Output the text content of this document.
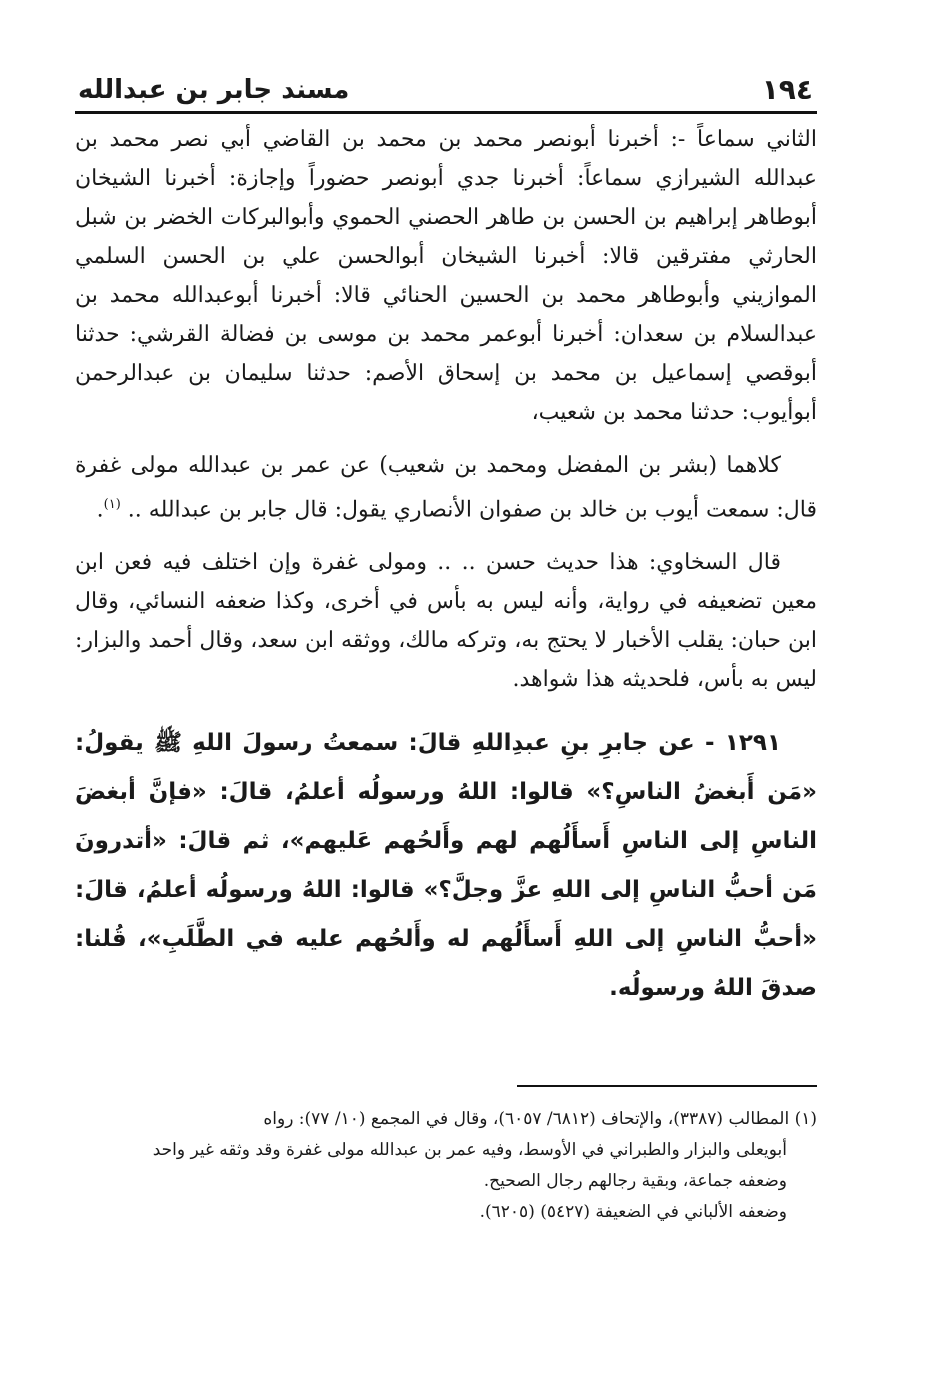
١٩٤
مسند جابر بن عبدالله

الثاني سماعاً -: أخبرنا أبونصر محمد بن محمد بن القاضي أبي نصر محمد بن عبدالله الشيرازي سماعاً: أخبرنا جدي أبونصر حضوراً وإجازة: أخبرنا الشيخان أبوطاهر إبراهيم بن الحسن بن طاهر الحصني الحموي وأبوالبركات الخضر بن شبل الحارثي مفترقين قالا: أخبرنا الشيخان أبوالحسن علي بن الحسن السلمي الموازيني وأبوطاهر محمد بن الحسين الحنائي قالا: أخبرنا أبوعبدالله محمد بن عبدالسلام بن سعدان: أخبرنا أبوعمر محمد بن موسى بن فضالة القرشي: حدثنا أبوقصي إسماعيل بن محمد بن إسحاق الأصم: حدثنا سليمان بن عبدالرحمن أبوأيوب: حدثنا محمد بن شعيب،

كلاهما (بشر بن المفضل ومحمد بن شعيب) عن عمر بن عبدالله مولى غفرة قال: سمعت أيوب بن خالد بن صفوان الأنصاري يقول: قال جابر بن عبدالله .. $^{(١)}$.

قال السخاوي: هذا حديث حسن .. .. ومولى غفرة وإن اختلف فيه فعن ابن معين تضعيفه في رواية، وأنه ليس به بأس في أخرى، وكذا ضعفه النسائي، وقال ابن حبان: يقلب الأخبار لا يحتج به، وتركه مالك، ووثقه ابن سعد، وقال أحمد والبزار: ليس به بأس، فلحديثه هذا شواهد.

١٢٩١ - عن جابرِ بنِ عبدِاللهِ قالَ: سمعتُ رسولَ اللهِ ﷺ يقولُ: «مَن أَبغضُ الناسِ؟» قالوا: اللهُ ورسولُه أعلمُ، قالَ: «فإنَّ أبغضَ الناسِ إلى الناسِ أَسأَلُهم لهم وأَلحُهم عَليهم»، ثم قالَ: «أتدرونَ مَن أحبُّ الناسِ إلى اللهِ عزَّ وجلَّ؟» قالوا: اللهُ ورسولُه أعلمُ، قالَ: «أحبُّ الناسِ إلى اللهِ أَسأَلُهم له وأَلحُهم عليه في الطَّلَبِ»، قُلنا: صدقَ اللهُ ورسولُه.

(١) المطالب (٣٣٨٧)، والإتحاف (٦٨١٢/ ٦٠٥٧)، وقال في المجمع (١٠/ ٧٧): رواه

أبويعلى والبزار والطبراني في الأوسط، وفيه عمر بن عبدالله مولى غفرة وقد وثقه غير واحد

وضعفه جماعة، وبقية رجالهم رجال الصحيح.

وضعفه الألباني في الضعيفة (٥٤٢٧) (٦٢٠٥).
